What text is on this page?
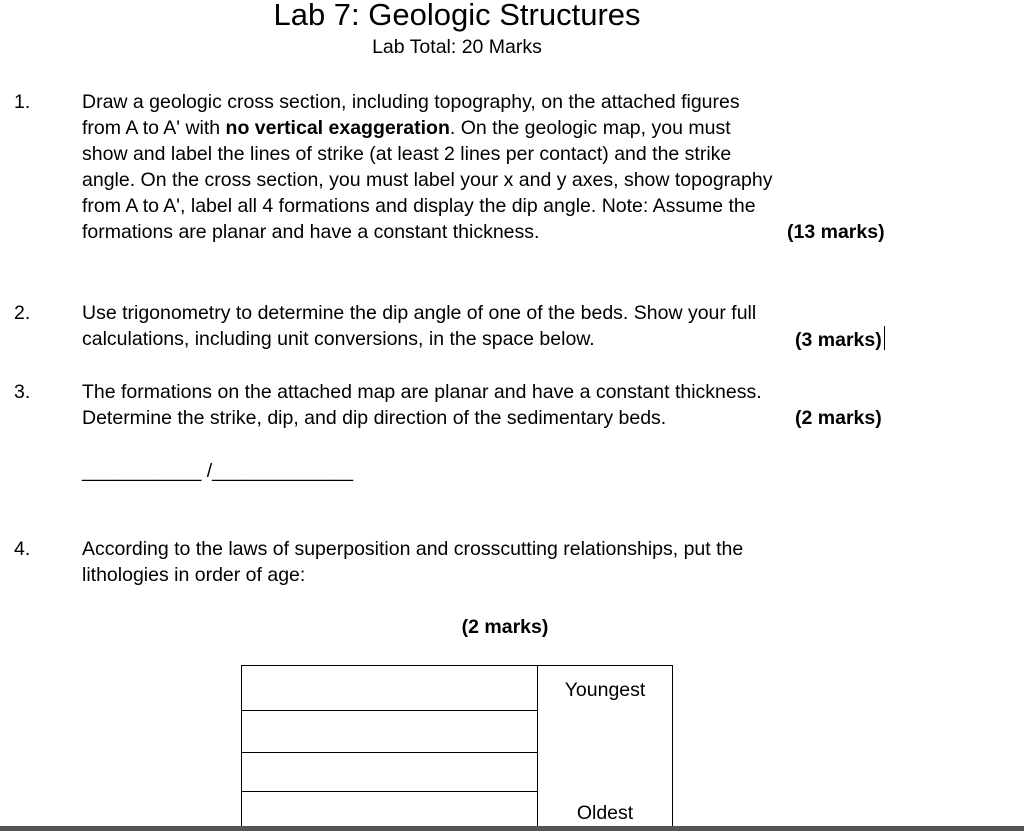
Lab 7: Geologic Structures
Lab Total: 20 Marks
1.	Draw a geologic cross section, including topography, on the attached figures

from A to A' with no vertical exaggeration. On the geologic map, you must

show and label the lines of strike (at least 2 lines per contact) and the strike

angle. On the cross section, you must label your x and y axes, show topography

from A to A', label all 4 formations and display the dip angle. Note: Assume the

formations are planar and have a constant thickness.	(13 marks)

2.	Use trigonometry to determine the dip angle of one of the beds. Show your full

calculations, including unit conversions, in the space below.	(3 marks)

3.	The formations on the attached map are planar and have a constant thickness.

Determine the strike, dip, and dip direction of the sedimentary beds.	(2 marks)

___________ /_____________
4.	According to the laws of superposition and crosscutting relationships, put the

lithologies in order of age:

(2 marks)
Youngest
Oldest
